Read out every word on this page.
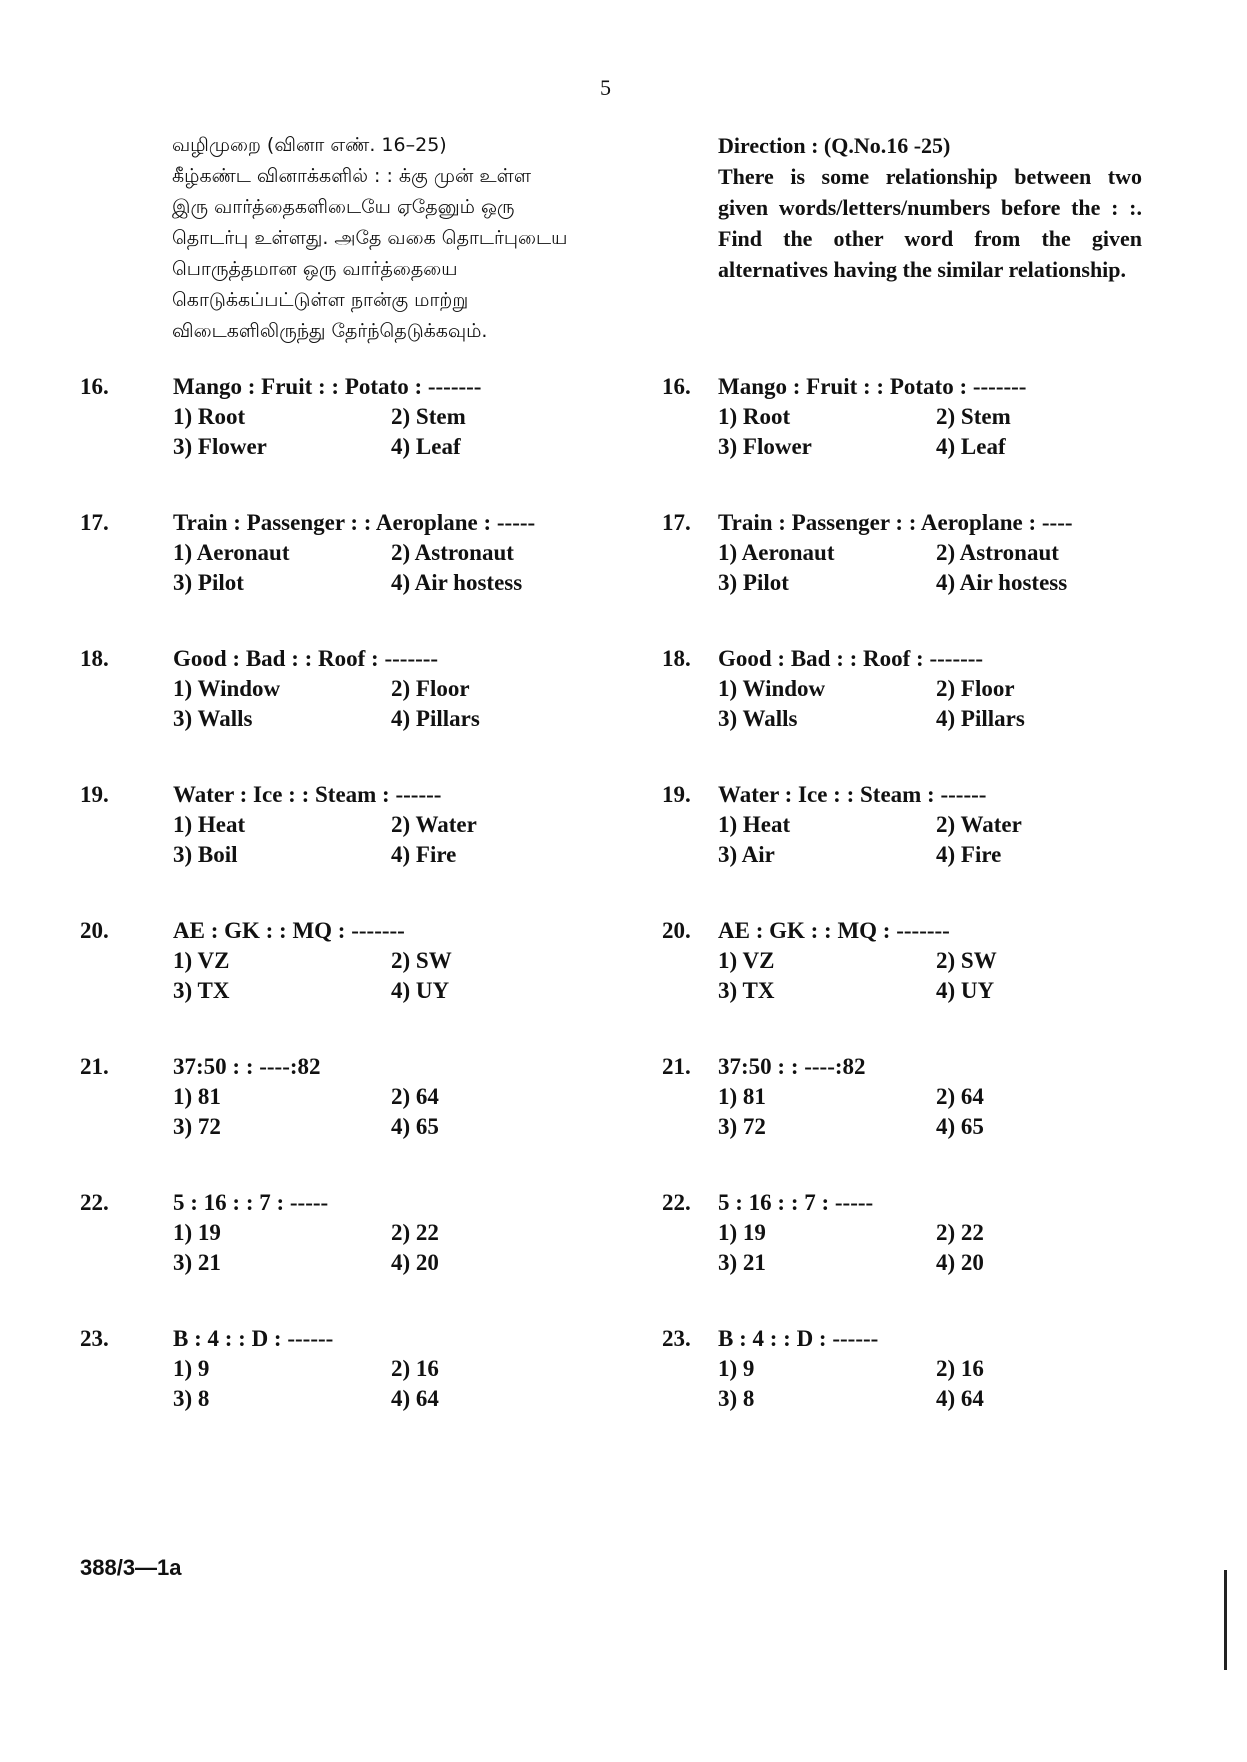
5
வழிமுறை (வினா எண். 16–25)
கீழ்கண்ட வினாக்களில் : : க்கு முன் உள்ள
இரு வார்த்தைகளிடையே ஏதேனும் ஒரு
தொடர்பு உள்ளது. அதே வகை தொடர்புடைய
பொருத்தமான ஒரு வார்த்தையை
கொடுக்கப்பட்டுள்ள நான்கு மாற்று
விடைகளிலிருந்து தேர்ந்தெடுக்கவும்.
Direction : (Q.No.16 -25)
There is some relationship between two given words/letters/numbers before the : :. Find the other word from the given alternatives having the similar relationship.
16.	Mango : Fruit : : Potato : -------
1) Root	2) Stem
3) Flower	4) Leaf
17.	Train : Passenger : : Aeroplane : -----
1) Aeronaut	2) Astronaut
3) Pilot	4) Air hostess
18.	Good : Bad : : Roof : -------
1) Window	2) Floor
3) Walls	4) Pillars
19.	Water : Ice : : Steam : ------
1) Heat	2) Water
3) Boil	4) Fire
20.	AE : GK : : MQ : -------
1) VZ	2) SW
3) TX	4) UY
21.	37:50 : : ----:82
1) 81	2) 64
3) 72	4) 65
22.	5 : 16 : : 7 : -----
1) 19	2) 22
3) 21	4) 20
23.	B : 4 : : D : ------
1) 9	2) 16
3) 8	4) 64
16. Mango : Fruit : : Potato : -------
1) Root	2) Stem
3) Flower	4) Leaf
17. Train : Passenger : : Aeroplane : ----
1) Aeronaut	2) Astronaut
3) Pilot	4) Air hostess
18. Good : Bad : : Roof : -------
1) Window	2) Floor
3) Walls	4) Pillars
19. Water : Ice : : Steam : ------
1) Heat	2) Water
3) Air	4) Fire
20. AE : GK : : MQ : -------
1) VZ	2) SW
3) TX	4) UY
21. 37:50 : : ----:82
1) 81	2) 64
3) 72	4) 65
22. 5 : 16 : : 7 : -----
1) 19	2) 22
3) 21	4) 20
23. B : 4 : : D : ------
1) 9	2) 16
3) 8	4) 64
388/3—1a
